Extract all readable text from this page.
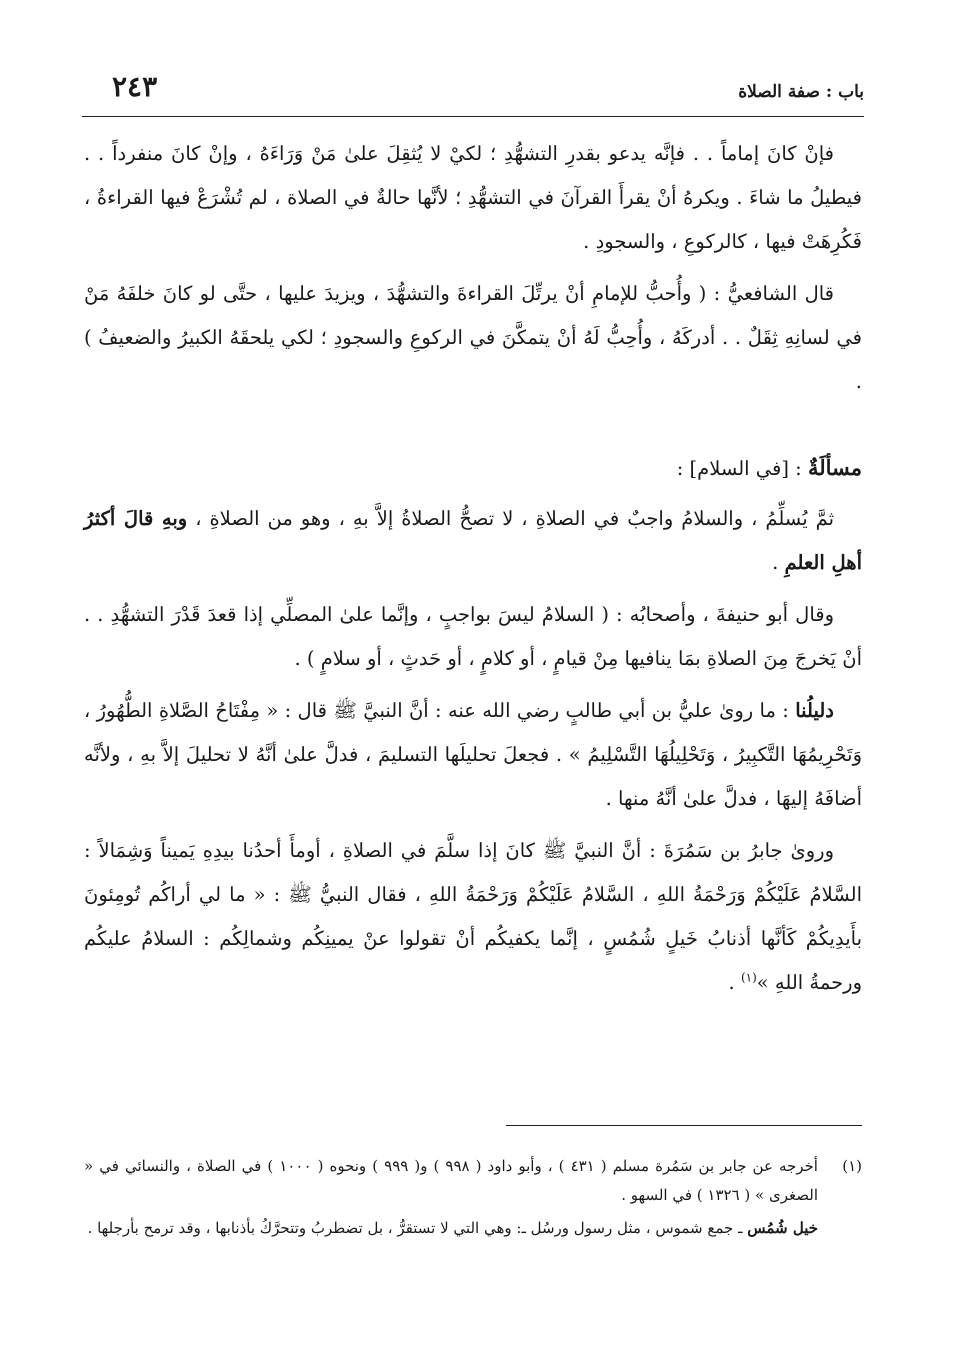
باب : صفة الصلاة
٢٤٣

فإنْ كانَ إماماً . . فإنَّه يدعو بقدرِ التشهُّدِ ؛ لكيْ لا يُثقِلَ علىٰ مَنْ وَرَاءَهُ ، وإنْ كانَ منفرداً . . فيطيلُ ما شاءَ . ويكرهُ أنْ يقرأَ القرآنَ في التشهُّدِ ؛ لأنَّها حالةٌ في الصلاة ، لم تُشْرَعْ فيها القراءةُ ، فَكُرِهَتْ فيها ، كالركوعِ ، والسجودِ .

قال الشافعيُّ : ( وأُحبُّ للإمامِ أنْ يرتِّلَ القراءةَ والتشهُّدَ ، ويزيدَ عليها ، حتَّى لو كانَ خلفَهُ مَنْ في لسانِهِ ثِقَلٌ . . أدركَهُ ، وأُحِبُّ لَهُ أنْ يتمكَّنَ في الركوعِ والسجودِ ؛ لكي يلحقَهُ الكبيرُ والضعيفُ ) .

مسألَةٌ : [في السلام] :

ثمَّ يُسلِّمُ ، والسلامُ واجبٌ في الصلاةِ ، لا تصحُّ الصلاةُ إلاَّ بهِ ، وهو من الصلاةِ ، وبهِ قالَ أكثرُ أهلِ العلمِ .

وقال أبو حنيفةَ ، وأصحابُه : ( السلامُ ليسَ بواجبٍ ، وإنَّما علىٰ المصلِّي إذا قعدَ قَدْرَ التشهُّدِ . . أنْ يَخرجَ مِنَ الصلاةِ بمَا ينافيها مِنْ قيامٍ ، أو كلامٍ ، أو حَدثٍ ، أو سلامٍ ) .

دليلُنا : ما روىٰ عليُّ بن أبي طالبٍ رضي الله عنه : أنَّ النبيَّ ﷺ قال : « مِفْتَاحُ الصَّلاةِ الطُّهُورُ ، وَتَحْرِيمُهَا التَّكبِيرُ ، وَتَحْلِيلُهَا التَّسْلِيمُ » . فجعلَ تحليلَها التسليمَ ، فدلَّ علىٰ أنَّهُ لا تحليلَ إلاَّ بهِ ، ولأنَّه أضافَهُ إليهَا ، فدلَّ علىٰ أنَّهُ منها .

وروىٰ جابرُ بن سَمُرَةَ : أنَّ النبيَّ ﷺ كانَ إذا سلَّمَ في الصلاةِ ، أومأَ أحدُنا بيدِهِ يَميناً وَشِمَالاً : السَّلامُ عَلَيْكُمْ وَرَحْمَةُ اللهِ ، السَّلامُ عَلَيْكُمْ وَرَحْمَةُ اللهِ ، فقال النبيُّ ﷺ : « ما لي أراكُم تُومِئونَ بأَيدِيكُمْ كَأنَّها أذنابُ خَيلٍ شُمُسٍ ، إنَّما يكفيكُم أنْ تقولوا عنْ يمينِكُم وشمالِكُم : السلامُ عليكُم ورحمةُ اللهِ »$^{(١)}$ .

(١)
أخرجه عن جابر بن سَمُرة مسلم ( ٤٣١ ) ، وأبو داود ( ٩٩٨ ) و( ٩٩٩ ) ونحوه ( ١٠٠٠ ) في الصلاة ، والنسائي في « الصغرى » ( ١٣٢٦ ) في السهو .
خيل شُمُس ـ جمع شموس ، مثل رسول ورسُل ـ: وهي التي لا تستقرُّ ، بل تضطربُ وتتحرَّكُ بأذنابها ، وقد ترمح بأرجلها .
